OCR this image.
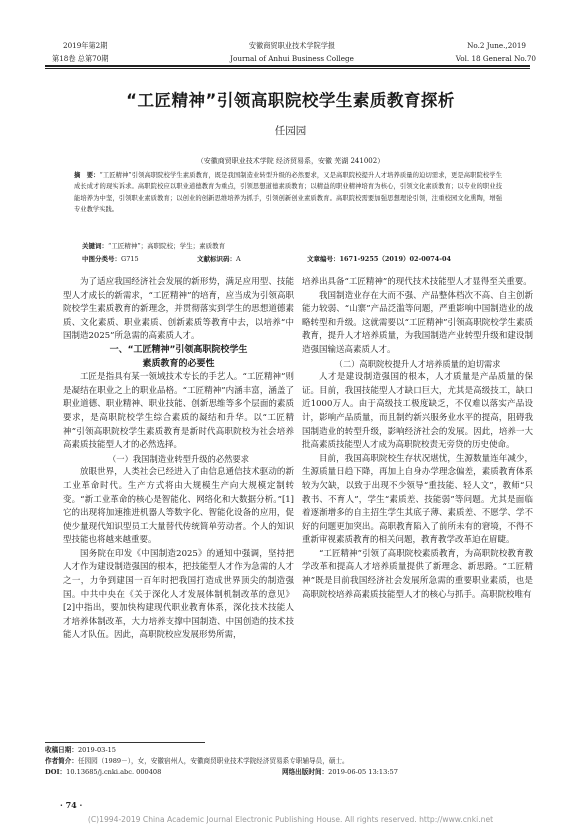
2019年第2期
第18卷 总第70期
安徽商贸职业技术学院学报
Journal of Anhui Business College
No.2 June.,2019
Vol. 18 General No.70
“工匠精神”引领高职院校学生素质教育探析
任园园
（安徽商贸职业技术学院 经济贸易系，安徽 芜湖 241002）
摘　要：“工匠精神”引领高职院校学生素质教育，既是我国制造业转型升级的必然要求，又是高职院校提升人才培养质量的迫切需求，更是高职院校学生成长成才的现实诉求。高职院校应以职业道德教育为重点，引领思想道德素质教育；以精益的职业精神培育为核心，引领文化素质教育；以专业的职业技能培养为中坚，引领职业素质教育；以创业的创新思维培养为抓手，引领创新创业素质教育。高职院校需要加强思想理论引领，注重校园文化熏陶，增强专业教学实践。
关键词：“工匠精神”；高职院校；学生；素质教育
中图分类号：G715	文献标识码：A	文章编号：1671-9255（2019）02-0074-04

为了适应我国经济社会发展的新形势，满足应用型、技能型人才成长的新需求，“工匠精神”的培育，应当成为引领高职院校学生素质教育的新理念，并贯彻落实到学生的思想道德素质、文化素质、职业素质、创新素质等教育中去，以培养“中国制造2025”所急需的高素质人才。

一、“工匠精神”引领高职院校学生
素质教育的必要性

工匠是指具有某一领域技术专长的手艺人。“工匠精神”则是凝结在职业之上的职业品格。“工匠精神”内涵丰富，涵盖了职业道德、职业精神、职业技能、创新思维等多个层面的素质要求，是高职院校学生综合素质的凝结和升华。以“工匠精神”引领高职院校学生素质教育是新时代高职院校为社会培养高素质技能型人才的必然选择。

（一）我国制造业转型升级的必然要求

放眼世界，人类社会已经进入了由信息通信技术驱动的新工业革命时代。生产方式将由大规模生产向大规模定制转变。“新工业革命的核心是智能化、网络化和大数据分析。”[1]它的出现将加速推进机器人等数字化、智能化设备的应用，促使少量现代知识型员工大量替代传统简单劳动者。个人的知识型技能也将越来越重要。

国务院在印发《中国制造2025》的通知中强调，坚持把人才作为建设制造强国的根本，把技能型人才作为急需的人才之一，力争到建国一百年时把我国打造成世界顶尖的制造强国。中共中央在《关于深化人才发展体制机制改革的意见》[2]中指出，要加快构建现代职业教育体系，深化技术技能人才培养体制改革，大力培养支撑中国制造、中国创造的技术技能人才队伍。因此，高职院校应发展形势所需，

培养出具备“工匠精神”的现代技术技能型人才显得至关重要。

我国制造业存在大而不强、产品整体档次不高、自主创新能力较弱、“山寨”产品泛滥等问题，严重影响中国制造业的战略转型和升级。这就需要以“工匠精神”引领高职院校学生素质教育，提升人才培养质量，为我国制造产业转型升级和建设制造强国输送高素质人才。

（二）高职院校提升人才培养质量的迫切需求

人才是建设制造强国的根本，人才质量是产品质量的保证。目前，我国技能型人才缺口巨大，尤其是高级技工，缺口近1000万人。由于高级技工极度缺乏，不仅难以落实产品设计，影响产品质量，而且制约新兴服务业水平的提高，阻碍我国制造业的转型升级，影响经济社会的发展。因此，培养一大批高素质技能型人才成为高职院校责无旁贷的历史使命。

目前，我国高职院校生存状况堪忧，生源数量连年减少，生源质量日趋下降，再加上自身办学理念偏差，素质教育体系较为欠缺，以致于出现不少领导“重技能、轻人文”，教师“只教书、不育人”，学生“素质差、技能弱”等问题。尤其是面临着逐渐增多的自主招生学生其底子薄、素质差、不愿学、学不好的问题更加突出。高职教育陷入了前所未有的窘境，不得不重新审视素质教育的相关问题，教育教学改革迫在眉睫。

“工匠精神”引领了高职院校素质教育，为高职院校教育教学改革和提高人才培养质量提供了新理念、新思路。“工匠精神”既是目前我国经济社会发展所急需的重要职业素质，也是高职院校培养高素质技能型人才的核心与抓手。高职院校唯有

收稿日期：2019-03-15
作者简介：任园园（1989－），女，安徽宿州人，安徽商贸职业技术学院经济贸易系专职辅导员，硕士。
DOI：10.13685/j.cnki.abc. 000408	网络出版时间：2019-06-05 13:13:57
· 74 ·
(C)1994-2019 China Academic Journal Electronic Publishing House. All rights reserved. http://www.cnki.net
